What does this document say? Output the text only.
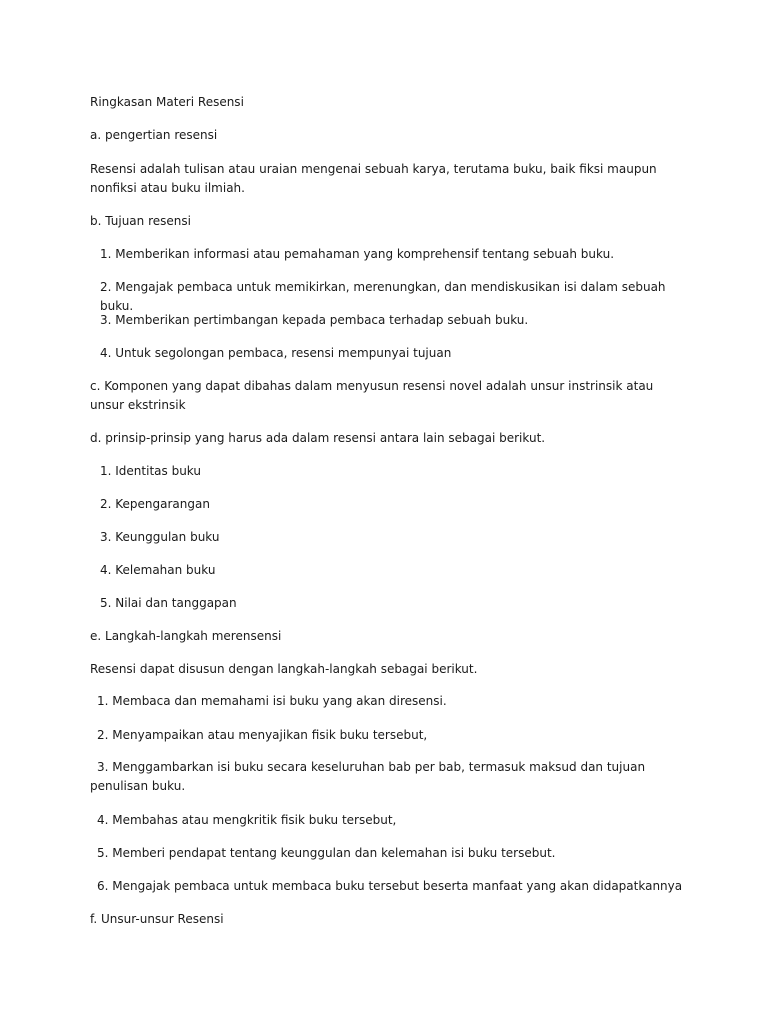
Ringkasan Materi Resensi

a. pengertian resensi

Resensi adalah tulisan atau uraian mengenai sebuah karya, terutama buku, baik fiksi maupun nonfiksi atau buku ilmiah.

b. Tujuan resensi

1. Memberikan informasi atau pemahaman yang komprehensif tentang sebuah buku.

2. Mengajak pembaca untuk memikirkan, merenungkan, dan mendiskusikan isi dalam sebuah buku.

3. Memberikan pertimbangan kepada pembaca terhadap sebuah buku.

4. Untuk segolongan pembaca, resensi mempunyai tujuan

c. Komponen yang dapat dibahas dalam menyusun resensi novel adalah unsur instrinsik atau unsur ekstrinsik

d. prinsip-prinsip yang harus ada dalam resensi antara lain sebagai berikut.

1. Identitas buku

2. Kepengarangan

3. Keunggulan buku

4. Kelemahan buku

5. Nilai dan tanggapan

e. Langkah-langkah merensensi

Resensi dapat disusun dengan langkah-langkah sebagai berikut.

1. Membaca dan memahami isi buku yang akan diresensi.

2. Menyampaikan atau menyajikan fisik buku tersebut,

3. Menggambarkan isi buku secara keseluruhan bab per bab, termasuk maksud dan tujuan penulisan buku.

4. Membahas atau mengkritik fisik buku tersebut,

5. Memberi pendapat tentang keunggulan dan kelemahan isi buku tersebut.

6. Mengajak pembaca untuk membaca buku tersebut beserta manfaat yang akan didapatkannya

f. Unsur-unsur Resensi
